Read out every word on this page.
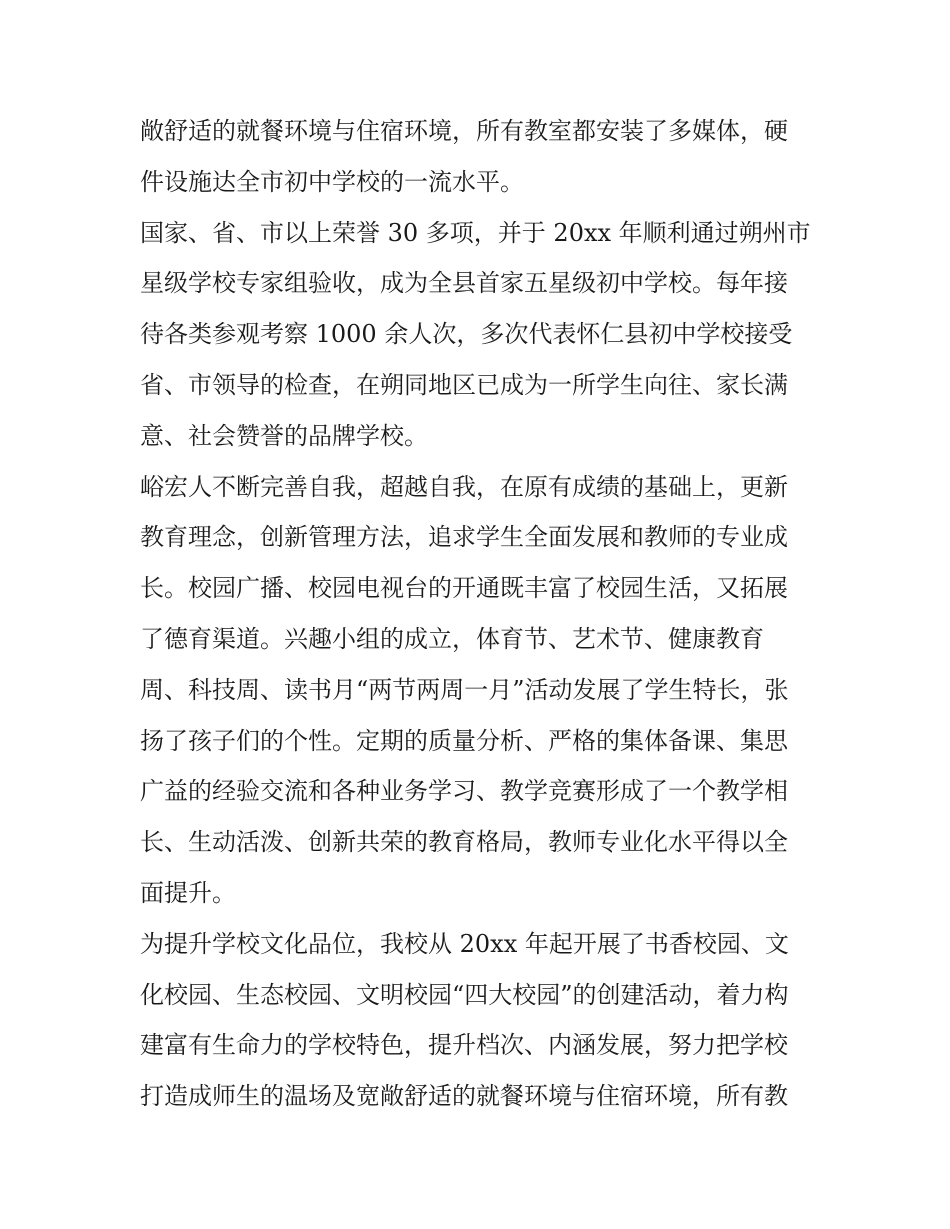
敞舒适的就餐环境与住宿环境，所有教室都安装了多媒体，硬
件设施达全市初中学校的一流水平。
国家、省、市以上荣誉 30 多项，并于 20xx 年顺利通过朔州市
星级学校专家组验收，成为全县首家五星级初中学校。每年接
待各类参观考察 1000 余人次，多次代表怀仁县初中学校接受
省、市领导的检查，在朔同地区已成为一所学生向往、家长满
意、社会赞誉的品牌学校。
峪宏人不断完善自我，超越自我，在原有成绩的基础上，更新
教育理念，创新管理方法，追求学生全面发展和教师的专业成
长。校园广播、校园电视台的开通既丰富了校园生活，又拓展
了德育渠道。兴趣小组的成立，体育节、艺术节、健康教育
周、科技周、读书月“两节两周一月”活动发展了学生特长，张
扬了孩子们的个性。定期的质量分析、严格的集体备课、集思
广益的经验交流和各种业务学习、教学竞赛形成了一个教学相
长、生动活泼、创新共荣的教育格局，教师专业化水平得以全
面提升。
为提升学校文化品位，我校从 20xx 年起开展了书香校园、文
化校园、生态校园、文明校园“四大校园”的创建活动，着力构
建富有生命力的学校特色，提升档次、内涵发展，努力把学校
打造成师生的温场及宽敞舒适的就餐环境与住宿环境，所有教
